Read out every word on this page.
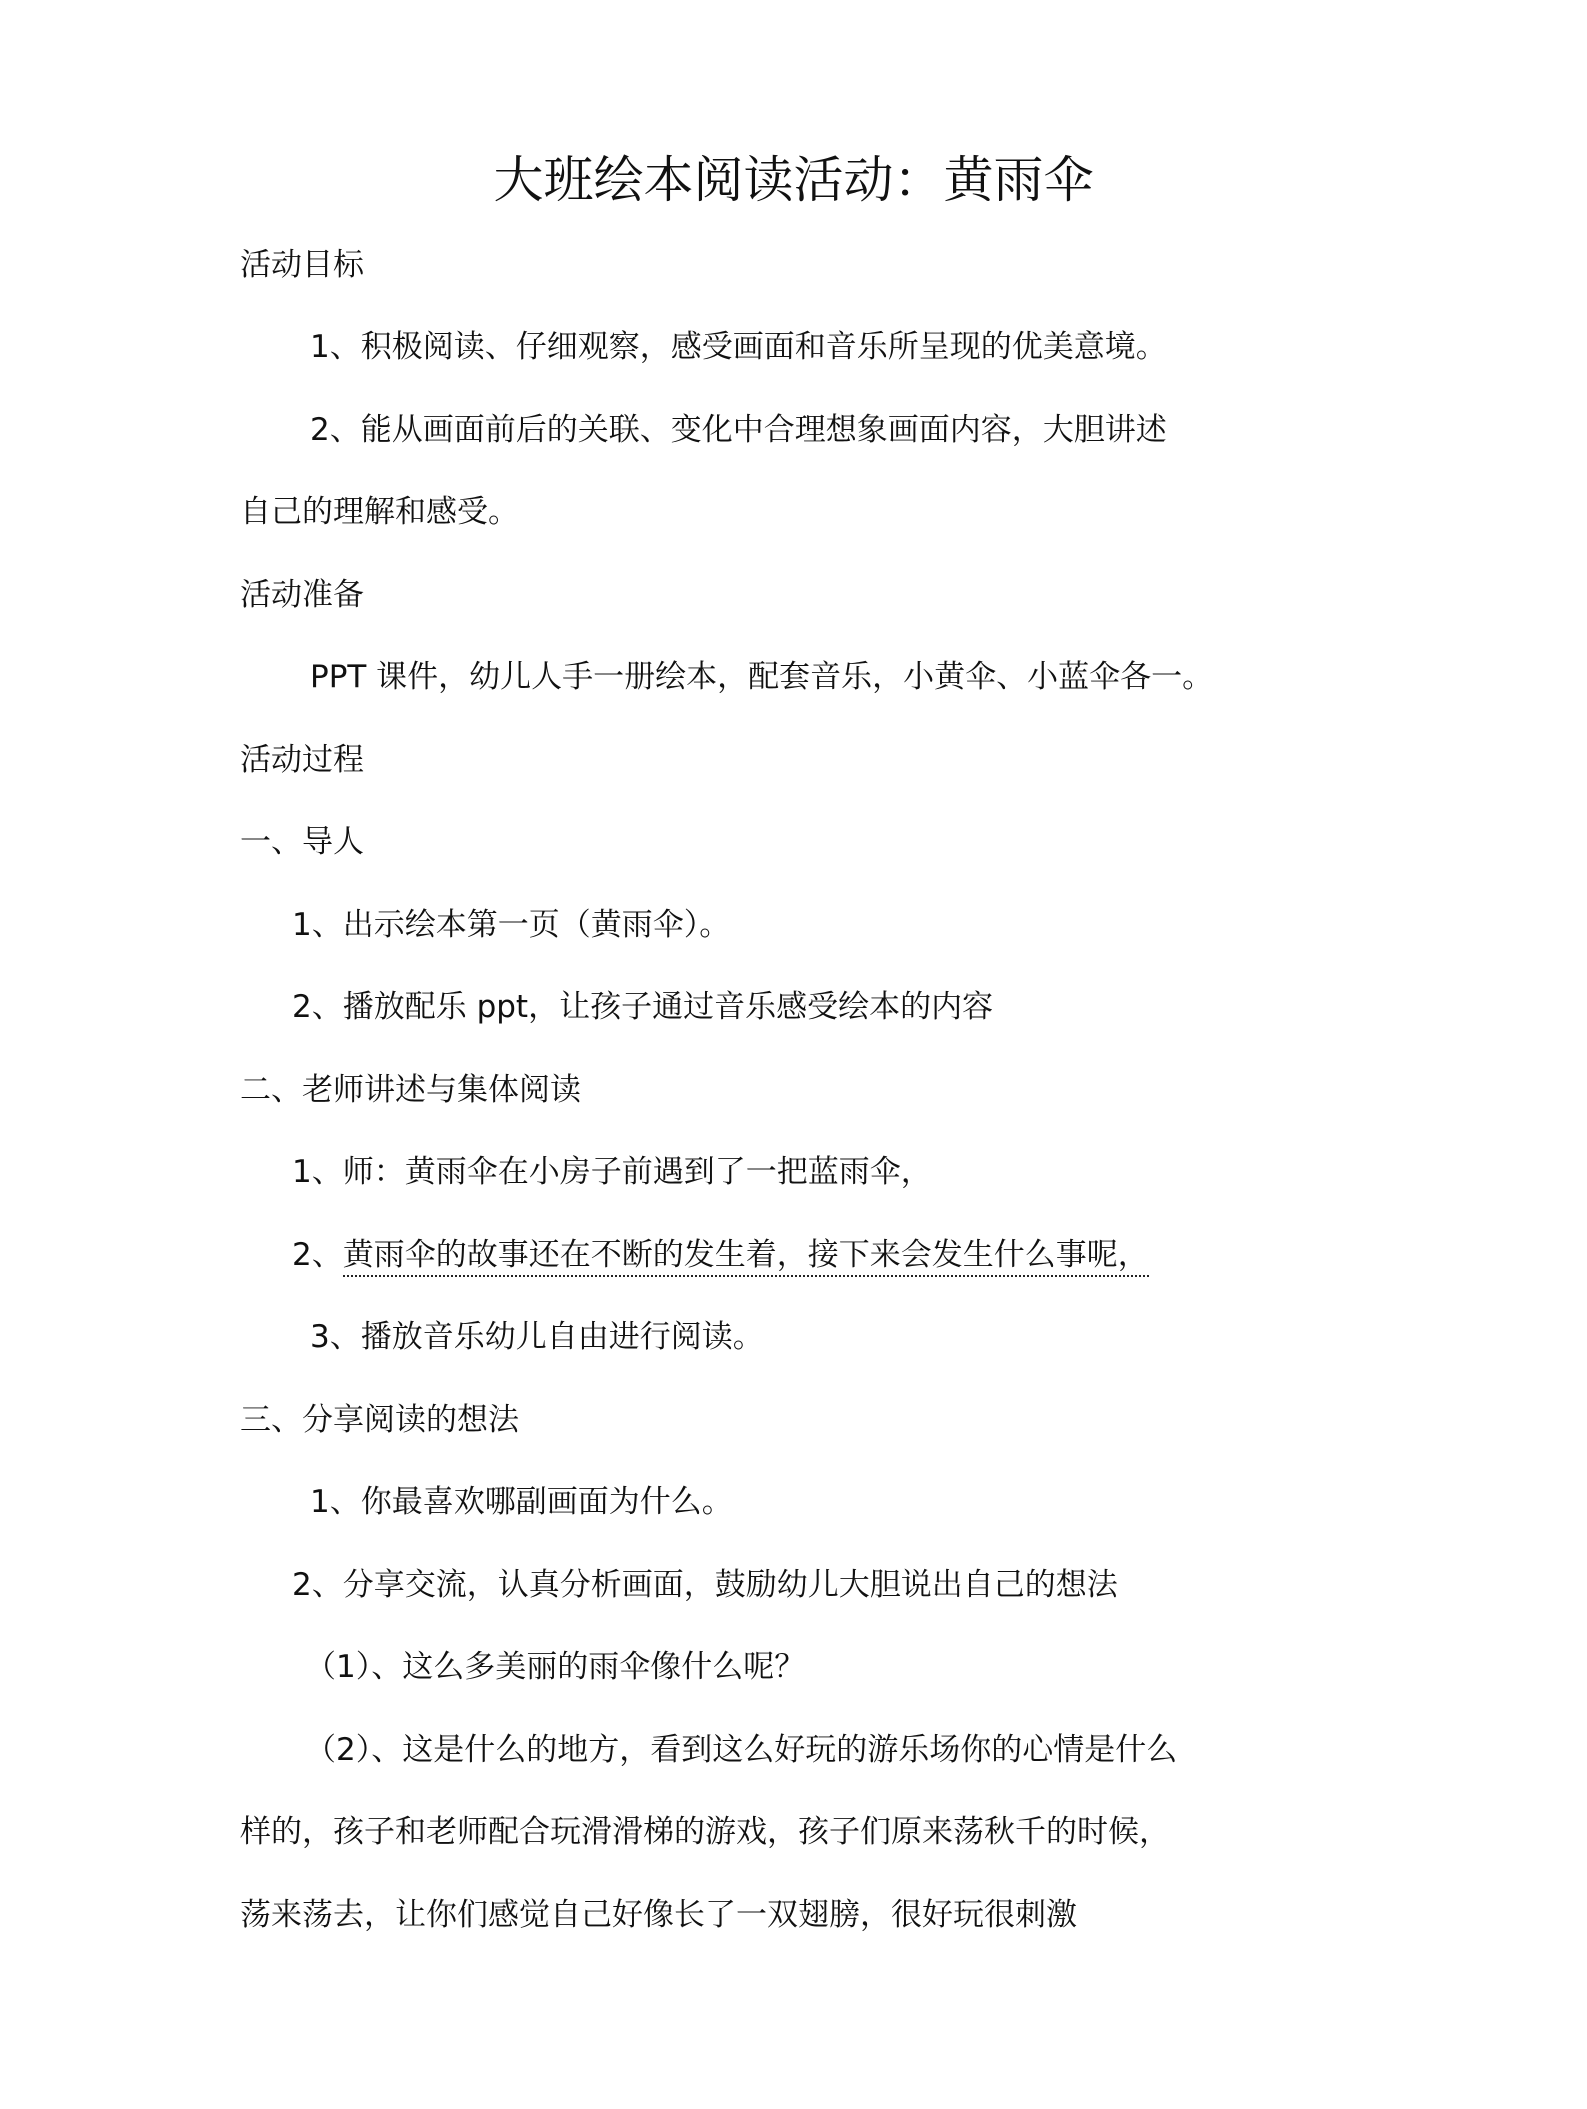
大班绘本阅读活动：黄雨伞
活动目标
1、积极阅读、仔细观察，感受画面和音乐所呈现的优美意境。
2、能从画面前后的关联、变化中合理想象画面内容，大胆讲述
自己的理解和感受。
活动准备
PPT 课件，幼儿人手一册绘本，配套音乐，小黄伞、小蓝伞各一。
活动过程
一、导人
1、出示绘本第一页（黄雨伞）。
2、播放配乐 ppt，让孩子通过音乐感受绘本的内容
二、老师讲述与集体阅读
1、师：黄雨伞在小房子前遇到了一把蓝雨伞，
2、黄雨伞的故事还在不断的发生着，接下来会发生什么事呢，
3、播放音乐幼儿自由进行阅读。
三、分享阅读的想法
1、你最喜欢哪副画面为什么。
2、分享交流，认真分析画面，鼓励幼儿大胆说出自己的想法
（1）、这么多美丽的雨伞像什么呢？
（2）、这是什么的地方，看到这么好玩的游乐场你的心情是什么
样的，孩子和老师配合玩滑滑梯的游戏，孩子们原来荡秋千的时候，
荡来荡去，让你们感觉自己好像长了一双翅膀，很好玩很刺激
